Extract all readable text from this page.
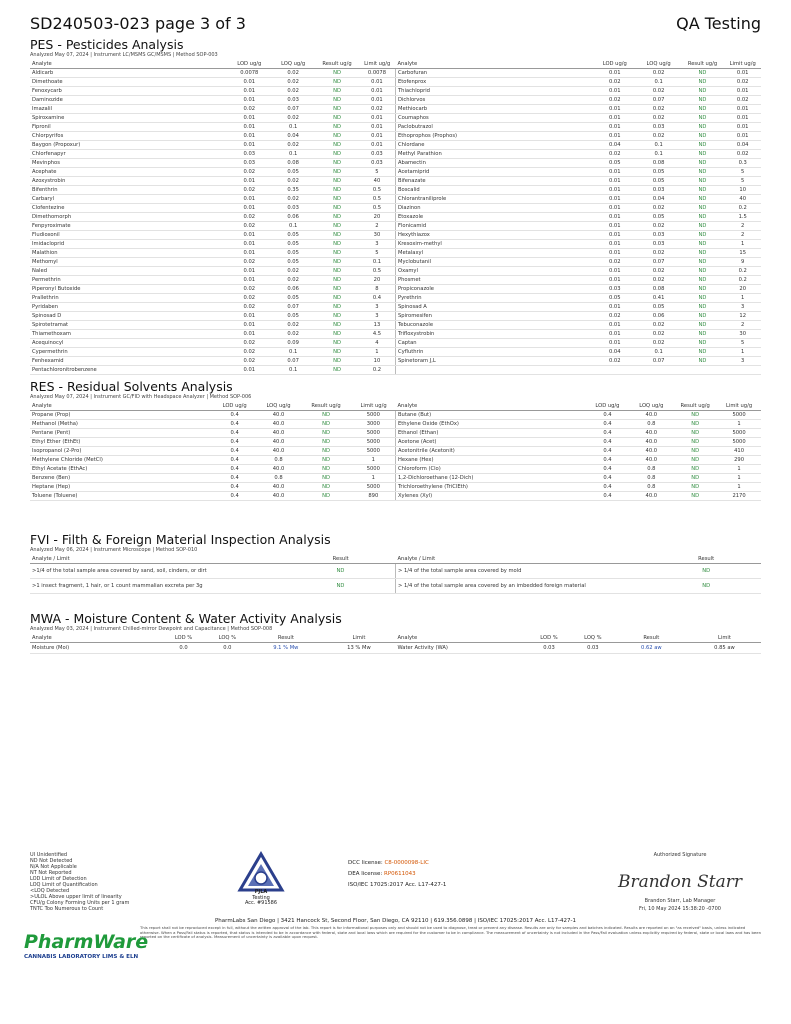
SD240503-023 page 3 of 3	QA Testing
PES - Pesticides Analysis
Analyzed May 07, 2024 | Instrument LC/MSMS GC/MSMS | Method SOP-003
Analyte	LOD ug/g	LOQ ug/g	Result ug/g	Limit ug/g	Analyte	LOD ug/g	LOQ ug/g	Result ug/g	Limit ug/g
Aldicarb	0.0078	0.02	ND	0.0078	Carbofuran	0.01	0.02	ND	0.01
Dimethoate	0.01	0.02	ND	0.01	Etofenprox	0.02	0.1	ND	0.02
Fenoxycarb	0.01	0.02	ND	0.01	Thiachloprid	0.01	0.02	ND	0.01
Daminozide	0.01	0.03	ND	0.01	Dichlorvos	0.02	0.07	ND	0.02
Imazalil	0.02	0.07	ND	0.02	Methiocarb	0.01	0.02	ND	0.01
Spiroxamine	0.01	0.02	ND	0.01	Coumaphos	0.01	0.02	ND	0.01
Fipronil	0.01	0.1	ND	0.01	Paclobutrazol	0.01	0.03	ND	0.01
Chlorpyrifos	0.01	0.04	ND	0.01	Ethoprophos (Prophos)	0.01	0.02	ND	0.01
Baygon (Propoxur)	0.01	0.02	ND	0.01	Chlordane	0.04	0.1	ND	0.04
Chlorfenapyr	0.03	0.1	ND	0.03	Methyl Parathion	0.02	0.1	ND	0.02
Mevinphos	0.03	0.08	ND	0.03	Abamectin	0.05	0.08	ND	0.3
Acephate	0.02	0.05	ND	5	Acetamiprid	0.01	0.05	ND	5
Azoxystrobin	0.01	0.02	ND	40	Bifenazate	0.01	0.05	ND	5
Bifenthrin	0.02	0.35	ND	0.5	Boscalid	0.01	0.03	ND	10
Carbaryl	0.01	0.02	ND	0.5	Chlorantraniliprole	0.01	0.04	ND	40
Clofentezine	0.01	0.03	ND	0.5	Diazinon	0.01	0.02	ND	0.2
Dimethomorph	0.02	0.06	ND	20	Etoxazole	0.01	0.05	ND	1.5
Fenpyroximate	0.02	0.1	ND	2	Flonicamid	0.01	0.02	ND	2
Fludioxonil	0.01	0.05	ND	30	Hexythiazox	0.01	0.03	ND	2
Imidacloprid	0.01	0.05	ND	3	Kresoxim-methyl	0.01	0.03	ND	1
Malathion	0.01	0.05	ND	5	Metalaxyl	0.01	0.02	ND	15
Methomyl	0.02	0.05	ND	0.1	Myclobutanil	0.02	0.07	ND	9
Naled	0.01	0.02	ND	0.5	Oxamyl	0.01	0.02	ND	0.2
Permethrin	0.01	0.02	ND	20	Phosmet	0.01	0.02	ND	0.2
Piperonyl Butoxide	0.02	0.06	ND	8	Propiconazole	0.03	0.08	ND	20
Prallethrin	0.02	0.05	ND	0.4	Pyrethrin	0.05	0.41	ND	1
Pyridaben	0.02	0.07	ND	3	Spinosad A	0.01	0.05	ND	3
Spinosad D	0.01	0.05	ND	3	Spiromesifen	0.02	0.06	ND	12
Spirotetramat	0.01	0.02	ND	13	Tebuconazole	0.01	0.02	ND	2
Thiamethoxam	0.01	0.02	ND	4.5	Trifloxystrobin	0.01	0.02	ND	30
Acequinocyl	0.02	0.09	ND	4	Captan	0.01	0.02	ND	5
Cypermethrin	0.02	0.1	ND	1	Cyfluthrin	0.04	0.1	ND	1
Fenhexamid	0.02	0.07	ND	10	Spinetoram J,L	0.02	0.07	ND	3
Pentachloronitrobenzene	0.01	0.1	ND	0.2					
RES - Residual Solvents Analysis
Analyzed May 07, 2024 | Instrument GC/FID with Headspace Analyzer | Method SOP-006
Analyte	LOD ug/g	LOQ ug/g	Result ug/g	Limit ug/g	Analyte	LOD ug/g	LOQ ug/g	Result ug/g	Limit ug/g
Propane (Prop)	0.4	40.0	ND	5000	Butane (But)	0.4	40.0	ND	5000
Methanol (Metha)	0.4	40.0	ND	3000	Ethylene Oxide (EthOx)	0.4	0.8	ND	1
Pentane (Pent)	0.4	40.0	ND	5000	Ethanol (Ethan)	0.4	40.0	ND	5000
Ethyl Ether (EthEt)	0.4	40.0	ND	5000	Acetone (Acet)	0.4	40.0	ND	5000
Isopropanol (2-Pro)	0.4	40.0	ND	5000	Acetonitrile (Acetonit)	0.4	40.0	ND	410
Methylene Chloride (MetCl)	0.4	0.8	ND	1	Hexane (Hex)	0.4	40.0	ND	290
Ethyl Acetate (EthAc)	0.4	40.0	ND	5000	Chloroform (Clo)	0.4	0.8	ND	1
Benzene (Ben)	0.4	0.8	ND	1	1,2-Dichloroethane (12-Dich)	0.4	0.8	ND	1
Heptane (Hep)	0.4	40.0	ND	5000	Trichloroethylene (TriClEth)	0.4	0.8	ND	1
Toluene (Toluene)	0.4	40.0	ND	890	Xylenes (Xyl)	0.4	40.0	ND	2170
FVI - Filth & Foreign Material Inspection Analysis
Analyzed May 06, 2024 | Instrument Microscope | Method SOP-010
Analyte / Limit	Result	Analyte / Limit	Result
>1/4 of the total sample area covered by sand, soil, cinders, or dirt	ND	> 1/4 of the total sample area covered by mold	ND
>1 insect fragment, 1 hair, or 1 count mammalian excreta per 3g	ND	> 1/4 of the total sample area covered by an imbedded foreign material	ND
MWA - Moisture Content & Water Activity Analysis
Analyzed May 03, 2024 | Instrument Chilled-mirror Dewpoint and Capacitance | Method SOP-008
Analyte	LOD %	LOQ %	Result	Limit	Analyte	LOD %	LOQ %	Result	Limit
Moisture (Moi)	0.0	0.0	9.1 % Mw	13 % Mw	Water Activity (WA)	0.03	0.03	0.62 aw	0.85 aw
UI Unidentified
ND Not Detected
N/A Not Applicable
NT Not Reported
LOD Limit of Detection
LOQ Limit of Quantification
<LOQ Detected
>ULOL Above upper limit of linearity
CFU/g Colony Forming Units per 1 gram
TNTC Too Numerous to Count
PJLA
Testing
Acc. #91586
DCC license: C8-0000098-LIC
DEA license: RP0611043
ISO/IEC 17025:2017 Acc. L17-427-1
Authorized Signature
Brandon Starr
Brandon Starr, Lab Manager
Fri, 10 May 2024 15:38:20 -0700
PharmLabs San Diego | 3421 Hancock St, Second Floor, San Diego, CA 92110 | 619.356.0898 | ISO/IEC 17025:2017 Acc. L17-427-1
This report shall not be reproduced except in full, without the written approval of the lab. This report is for informational purposes only and should not be used to diagnose, treat or prevent any disease. Results are only for samples and batches indicated. Results are reported on an "as received" basis, unless indicated otherwise. When a Pass/Fail status is reported, that status is intended to be in accordance with federal, state and local laws which are required for the customer to be in compliance. The measurement of uncertainty is not included in the Pass/Fail evaluation unless explicitly required by federal, state or local laws and has been reported on the certificate of analysis. Measurement of uncertainty is available upon request.
PharmWare
CANNABIS LABORATORY LIMS & ELN
